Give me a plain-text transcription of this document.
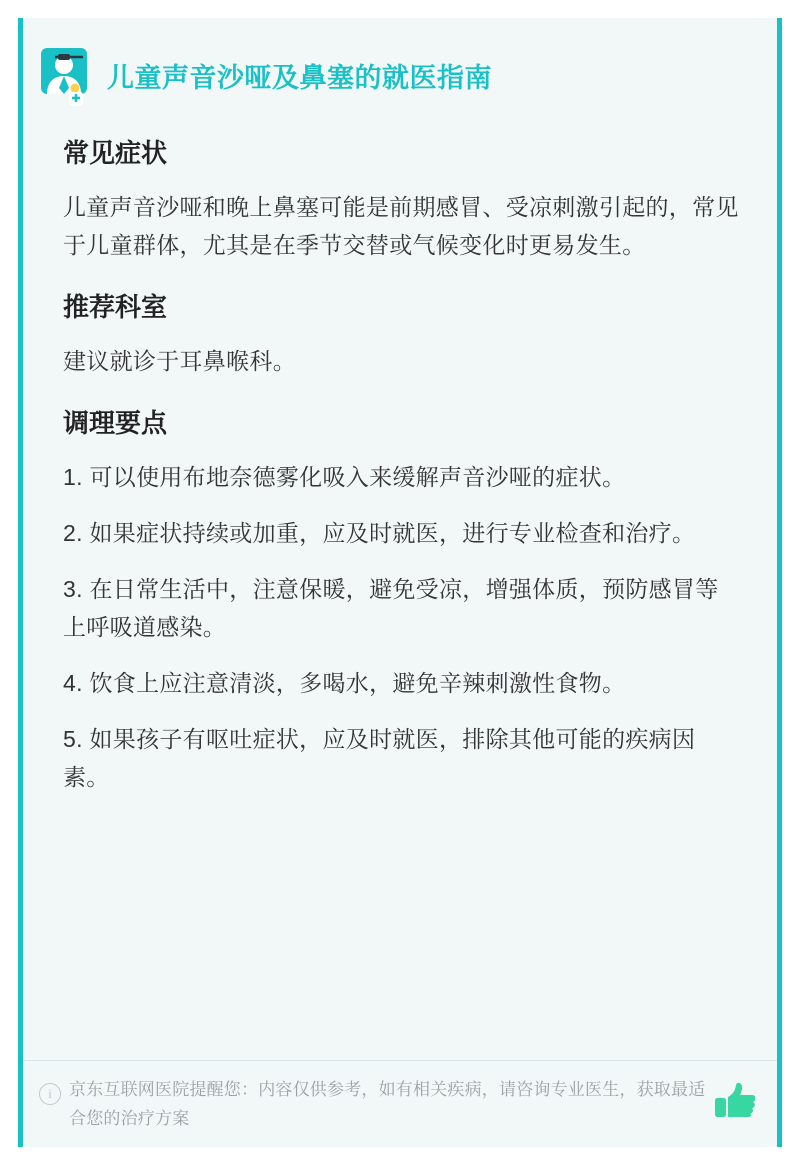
儿童声音沙哑及鼻塞的就医指南
常见症状

儿童声音沙哑和晚上鼻塞可能是前期感冒、受凉刺激引起的，常见于儿童群体，尤其是在季节交替或气候变化时更易发生。

推荐科室

建议就诊于耳鼻喉科。

调理要点

1. 可以使用布地奈德雾化吸入来缓解声音沙哑的症状。

2. 如果症状持续或加重，应及时就医，进行专业检查和治疗。

3. 在日常生活中，注意保暖，避免受凉，增强体质，预防感冒等上呼吸道感染。

4. 饮食上应注意清淡，多喝水，避免辛辣刺激性食物。

5. 如果孩子有呕吐症状，应及时就医，排除其他可能的疾病因素。

i	京东互联网医院提醒您：内容仅供参考，如有相关疾病，请咨询专业医生，获取最适合您的治疗方案
